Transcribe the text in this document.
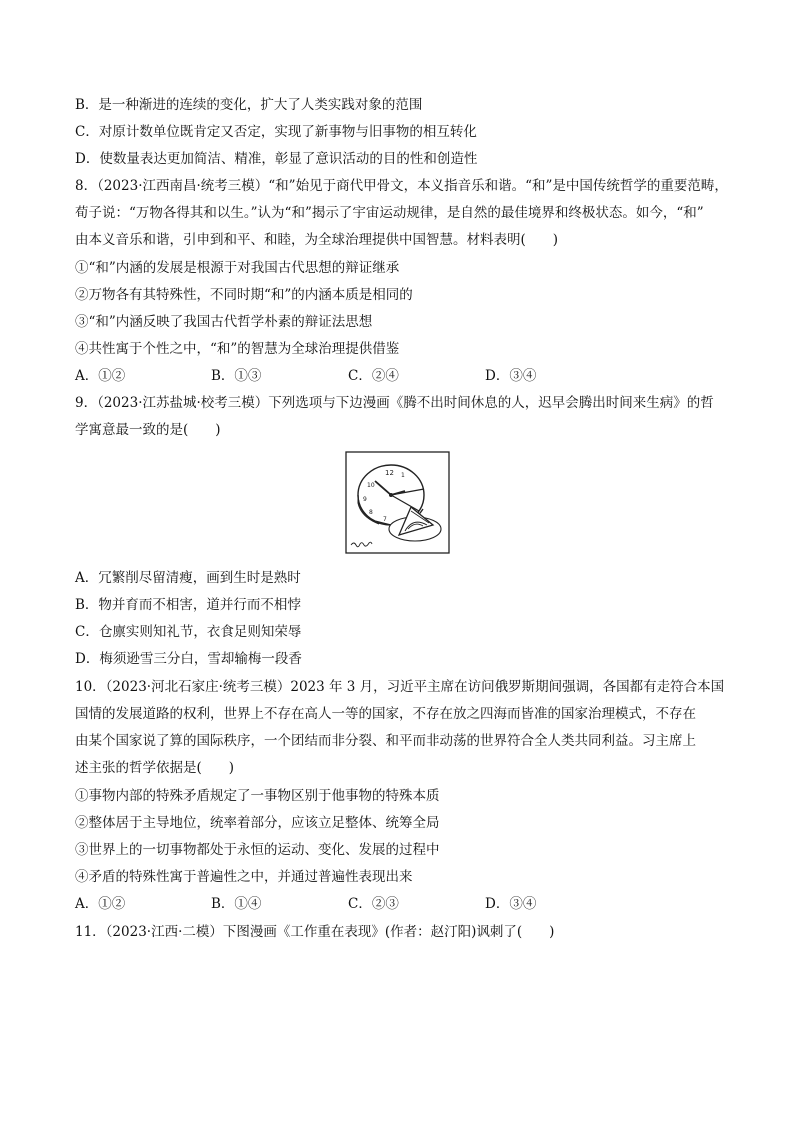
B．是一种渐进的连续的变化，扩大了人类实践对象的范围
C．对原计数单位既肯定又否定，实现了新事物与旧事物的相互转化
D．使数量表达更加简洁、精准，彰显了意识活动的目的性和创造性
8．（2023·江西南昌·统考三模）“和”始见于商代甲骨文，本义指音乐和谐。“和”是中国传统哲学的重要范畴，
荀子说：“万物各得其和以生。”认为“和”揭示了宇宙运动规律，是自然的最佳境界和终极状态。如今，“和”
由本义音乐和谐，引申到和平、和睦，为全球治理提供中国智慧。材料表明(　　)
①“和”内涵的发展是根源于对我国古代思想的辩证继承
②万物各有其特殊性，不同时期“和”的内涵本质是相同的
③“和”内涵反映了我国古代哲学朴素的辩证法思想
④共性寓于个性之中，“和”的智慧为全球治理提供借鉴
A．①②	B．①③	C．②④	D．③④
9．（2023·江苏盐城·校考三模）下列选项与下边漫画《腾不出时间休息的人，迟早会腾出时间来生病》的哲
学寓意最一致的是(　　)
12
10
9
8
7
1
A．冗繁削尽留清瘦，画到生时是熟时
B．物并育而不相害，道并行而不相悖
C．仓廪实则知礼节，衣食足则知荣辱
D．梅须逊雪三分白，雪却输梅一段香
10．（2023·河北石家庄·统考三模）2023 年 3 月，习近平主席在访问俄罗斯期间强调，各国都有走符合本国
国情的发展道路的权利，世界上不存在高人一等的国家，不存在放之四海而皆准的国家治理模式，不存在
由某个国家说了算的国际秩序，一个团结而非分裂、和平而非动荡的世界符合全人类共同利益。习主席上
述主张的哲学依据是(　　)
①事物内部的特殊矛盾规定了一事物区别于他事物的特殊本质
②整体居于主导地位，统率着部分，应该立足整体、统筹全局
③世界上的一切事物都处于永恒的运动、变化、发展的过程中
④矛盾的特殊性寓于普遍性之中，并通过普遍性表现出来
A．①②	B．①④	C．②③	D．③④
11．（2023·江西·二模）下图漫画《工作重在表现》(作者：赵汀阳)讽刺了(　　)
